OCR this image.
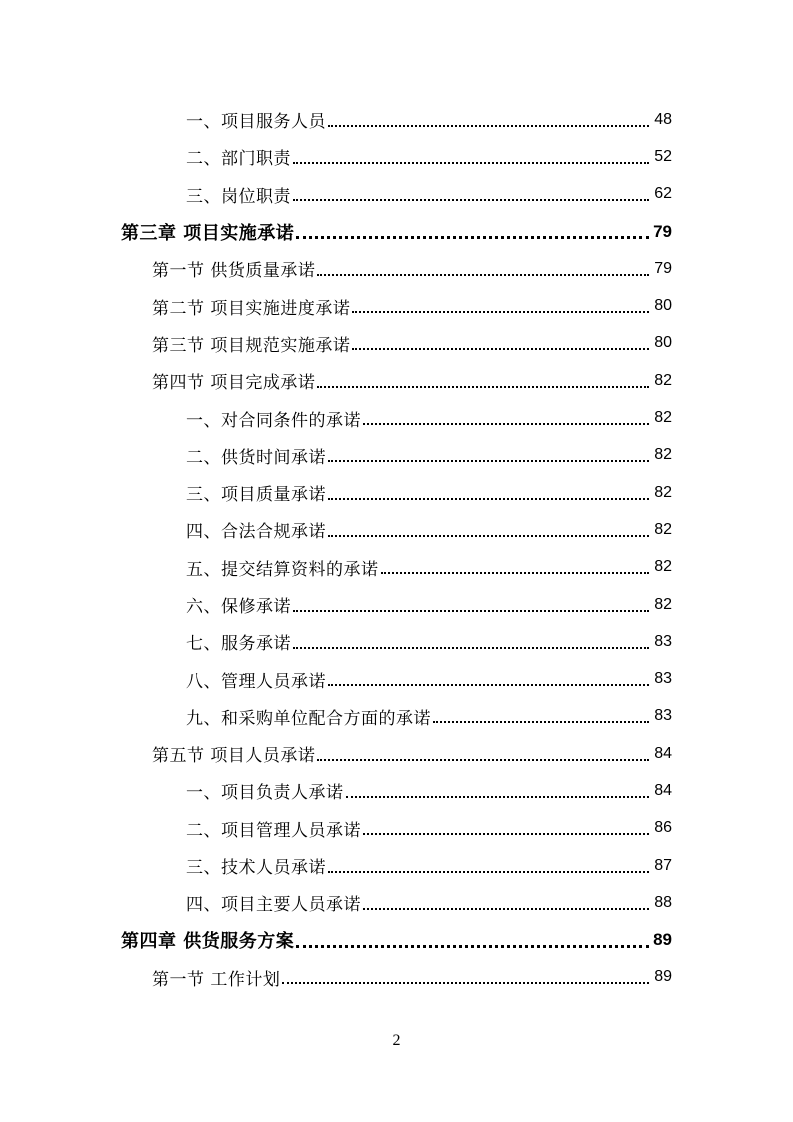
一、项目服务人员	48
二、部门职责	52
三、岗位职责	62
第三章 项目实施承诺	79
第一节 供货质量承诺	79
第二节 项目实施进度承诺	80
第三节 项目规范实施承诺	80
第四节 项目完成承诺	82
一、对合同条件的承诺	82
二、供货时间承诺	82
三、项目质量承诺	82
四、合法合规承诺	82
五、提交结算资料的承诺	82
六、保修承诺	82
七、服务承诺	83
八、管理人员承诺	83
九、和采购单位配合方面的承诺	83
第五节 项目人员承诺	84
一、项目负责人承诺	84
二、项目管理人员承诺	86
三、技术人员承诺	87
四、项目主要人员承诺	88
第四章 供货服务方案	89
第一节 工作计划	89
2
